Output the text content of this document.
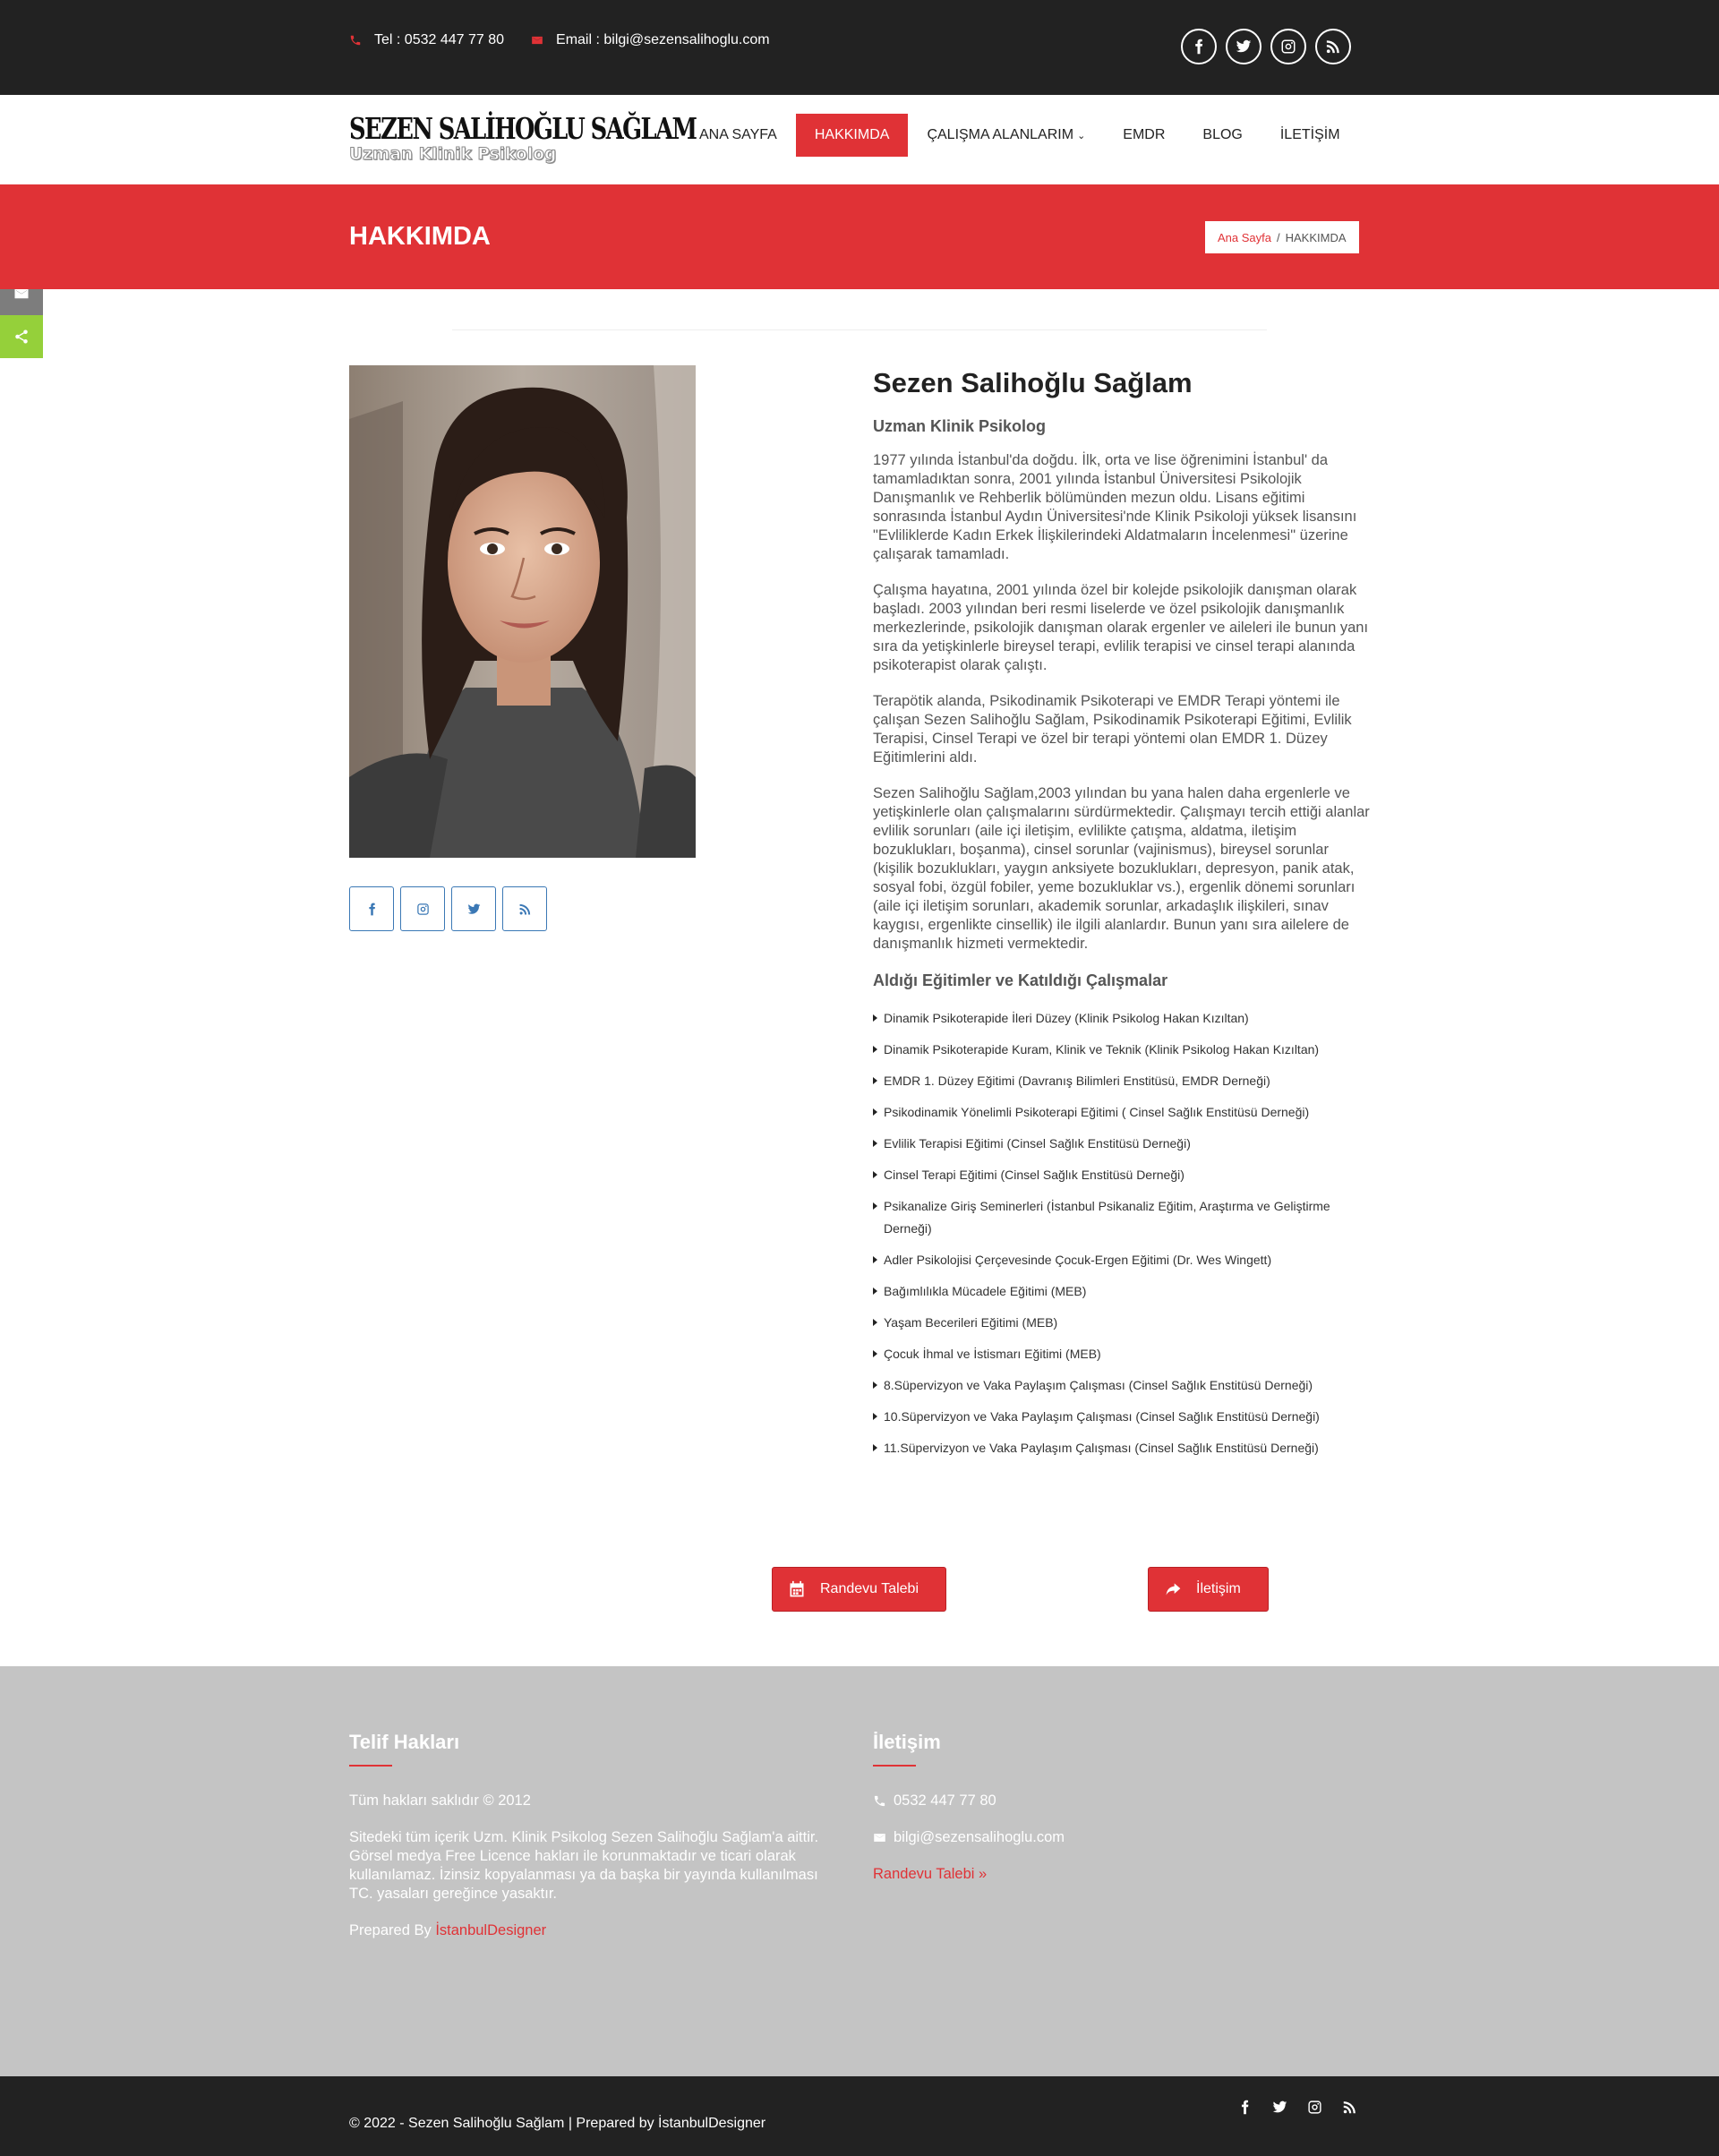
Tel : 0532 447 77 80	Email : bilgi@sezensalihoglu.com
SEZEN SALİHOĞLU SAĞLAM
Uzman Klinik Psikolog
ANA SAYFA	HAKKIMDA	ÇALIŞMA ALANLARIM ⌄	EMDR	BLOG	İLETİŞİM
HAKKIMDA	Ana Sayfa / HAKKIMDA
Sezen Salihoğlu Sağlam
Uzman Klinik Psikolog

1977 yılında İstanbul'da doğdu. İlk, orta ve lise öğrenimini İstanbul' da tamamladıktan sonra, 2001 yılında İstanbul Üniversitesi Psikolojik Danışmanlık ve Rehberlik bölümünden mezun oldu. Lisans eğitimi sonrasında İstanbul Aydın Üniversitesi'nde Klinik Psikoloji yüksek lisansını "Evliliklerde Kadın Erkek İlişkilerindeki Aldatmaların İncelenmesi" üzerine çalışarak tamamladı.

Çalışma hayatına, 2001 yılında özel bir kolejde psikolojik danışman olarak başladı. 2003 yılından beri resmi liselerde ve özel psikolojik danışmanlık merkezlerinde, psikolojik danışman olarak ergenler ve aileleri ile bunun yanı sıra da yetişkinlerle bireysel terapi, evlilik terapisi ve cinsel terapi alanında psikoterapist olarak çalıştı.

Terapötik alanda, Psikodinamik Psikoterapi ve EMDR Terapi yöntemi ile çalışan Sezen Salihoğlu Sağlam, Psikodinamik Psikoterapi Eğitimi, Evlilik Terapisi, Cinsel Terapi ve özel bir terapi yöntemi olan EMDR 1. Düzey Eğitimlerini aldı.

Sezen Salihoğlu Sağlam,2003 yılından bu yana halen daha ergenlerle ve yetişkinlerle olan çalışmalarını sürdürmektedir. Çalışmayı tercih ettiği alanlar evlilik sorunları (aile içi iletişim, evlilikte çatışma, aldatma, iletişim bozuklukları, boşanma), cinsel sorunlar (vajinismus), bireysel sorunlar (kişilik bozuklukları, yaygın anksiyete bozuklukları, depresyon, panik atak, sosyal fobi, özgül fobiler, yeme bozukluklar vs.), ergenlik dönemi sorunları (aile içi iletişim sorunları, akademik sorunlar, arkadaşlık ilişkileri, sınav kaygısı, ergenlikte cinsellik) ile ilgili alanlardır. Bunun yanı sıra ailelere de danışmanlık hizmeti vermektedir.

Aldığı Eğitimler ve Katıldığı Çalışmalar
Dinamik Psikoterapide İleri Düzey (Klinik Psikolog Hakan Kızıltan)
Dinamik Psikoterapide Kuram, Klinik ve Teknik (Klinik Psikolog Hakan Kızıltan)
EMDR 1. Düzey Eğitimi (Davranış Bilimleri Enstitüsü, EMDR Derneği)
Psikodinamik Yönelimli Psikoterapi Eğitimi ( Cinsel Sağlık Enstitüsü Derneği)
Evlilik Terapisi Eğitimi (Cinsel Sağlık Enstitüsü Derneği)
Cinsel Terapi Eğitimi (Cinsel Sağlık Enstitüsü Derneği)
Psikanalize Giriş Seminerleri (İstanbul Psikanaliz Eğitim, Araştırma ve Geliştirme Derneği)
Adler Psikolojisi Çerçevesinde Çocuk-Ergen Eğitimi (Dr. Wes Wingett)
Bağımlılıkla Mücadele Eğitimi (MEB)
Yaşam Becerileri Eğitimi (MEB)
Çocuk İhmal ve İstismarı Eğitimi (MEB)
8.Süpervizyon ve Vaka Paylaşım Çalışması (Cinsel Sağlık Enstitüsü Derneği)
10.Süpervizyon ve Vaka Paylaşım Çalışması (Cinsel Sağlık Enstitüsü Derneği)
11.Süpervizyon ve Vaka Paylaşım Çalışması (Cinsel Sağlık Enstitüsü Derneği)
Randevu Talebi	İletişim
Telif Hakları

Tüm hakları saklıdır © 2012

Sitedeki tüm içerik Uzm. Klinik Psikolog Sezen Salihoğlu Sağlam'a aittir. Görsel medya Free Licence hakları ile korunmaktadır ve ticari olarak kullanılamaz. İzinsiz kopyalanması ya da başka bir yayında kullanılması TC. yasaları gereğince yasaktır.

Prepared By İstanbulDesigner

İletişim
0532 447 77 80
bilgi@sezensalihoglu.com

Randevu Talebi »

© 2022 - Sezen Salihoğlu Sağlam | Prepared by İstanbulDesigner
